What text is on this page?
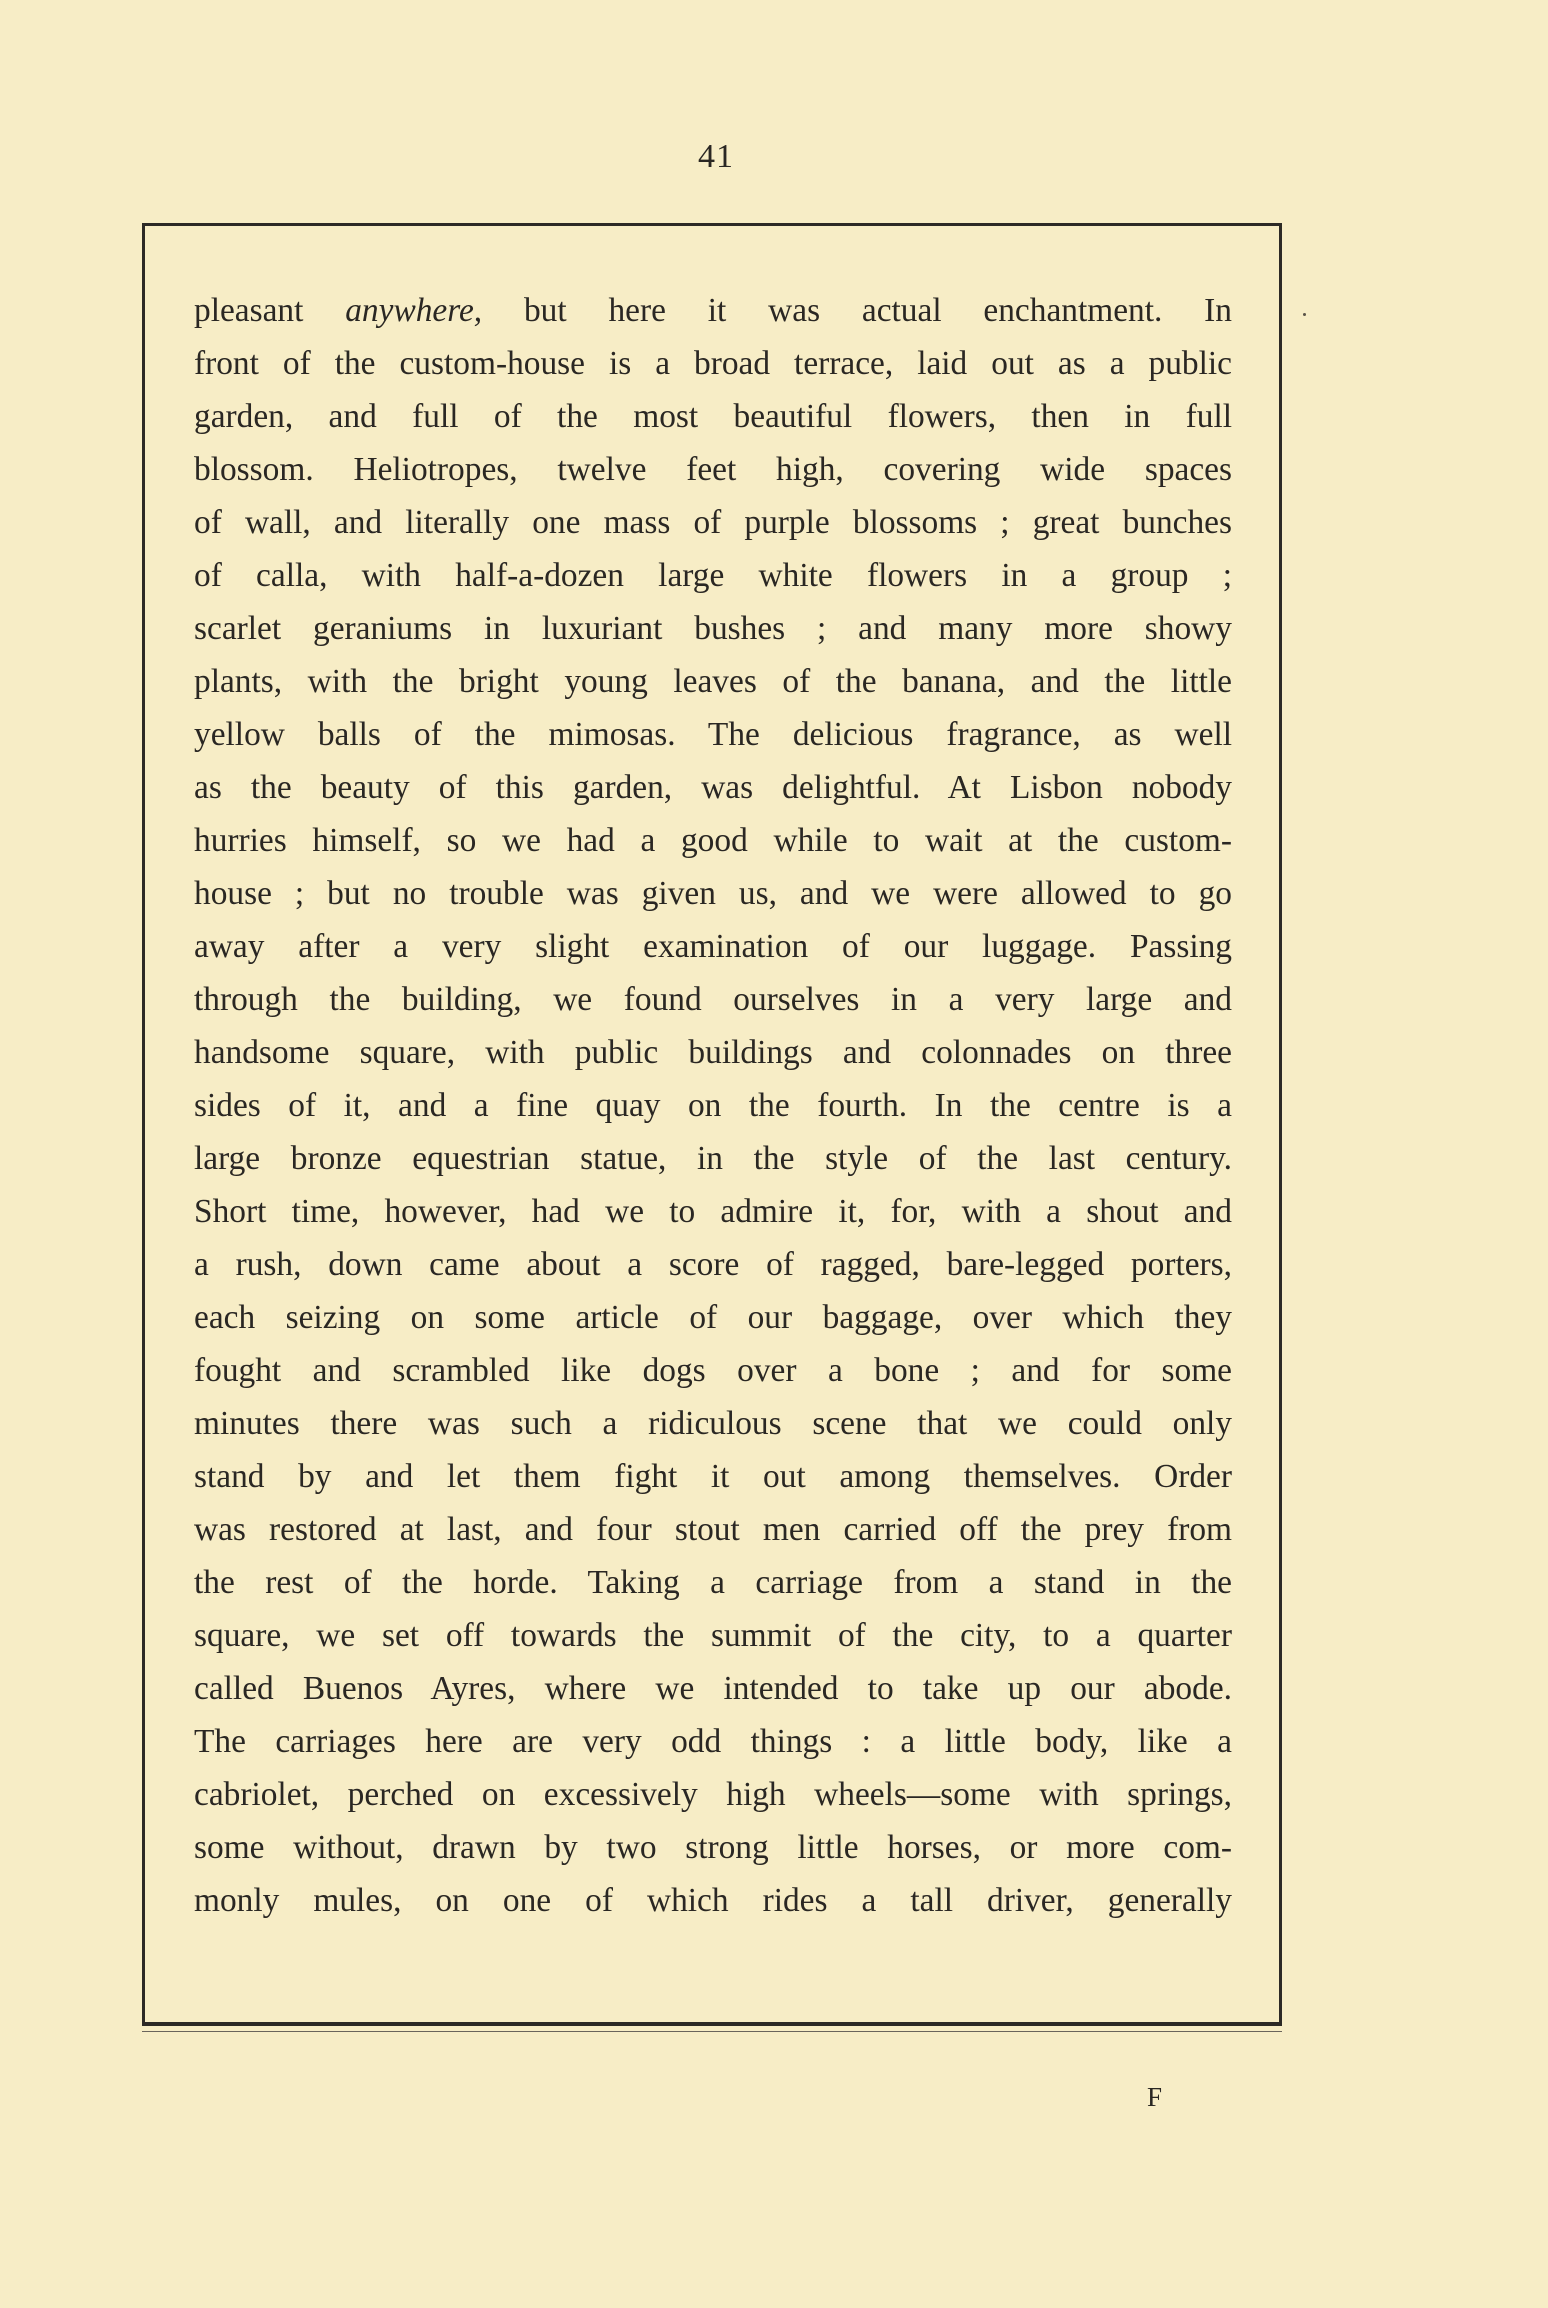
41
pleasant anywhere, but here it was actual enchantment. In
front of the custom-house is a broad terrace, laid out as a public
garden, and full of the most beautiful flowers, then in full
blossom. Heliotropes, twelve feet high, covering wide spaces
of wall, and literally one mass of purple blossoms ; great bunches
of calla, with half-a-dozen large white flowers in a group ;
scarlet geraniums in luxuriant bushes ; and many more showy
plants, with the bright young leaves of the banana, and the little
yellow balls of the mimosas. The delicious fragrance, as well
as the beauty of this garden, was delightful. At Lisbon nobody
hurries himself, so we had a good while to wait at the custom-
house ; but no trouble was given us, and we were allowed to go
away after a very slight examination of our luggage. Passing
through the building, we found ourselves in a very large and
handsome square, with public buildings and colonnades on three
sides of it, and a fine quay on the fourth. In the centre is a
large bronze equestrian statue, in the style of the last century.
Short time, however, had we to admire it, for, with a shout and
a rush, down came about a score of ragged, bare-legged porters,
each seizing on some article of our baggage, over which they
fought and scrambled like dogs over a bone ; and for some
minutes there was such a ridiculous scene that we could only
stand by and let them fight it out among themselves. Order
was restored at last, and four stout men carried off the prey from
the rest of the horde. Taking a carriage from a stand in the
square, we set off towards the summit of the city, to a quarter
called Buenos Ayres, where we intended to take up our abode.
The carriages here are very odd things : a little body, like a
cabriolet, perched on excessively high wheels—some with springs,
some without, drawn by two strong little horses, or more com-
monly mules, on one of which rides a tall driver, generally
F
